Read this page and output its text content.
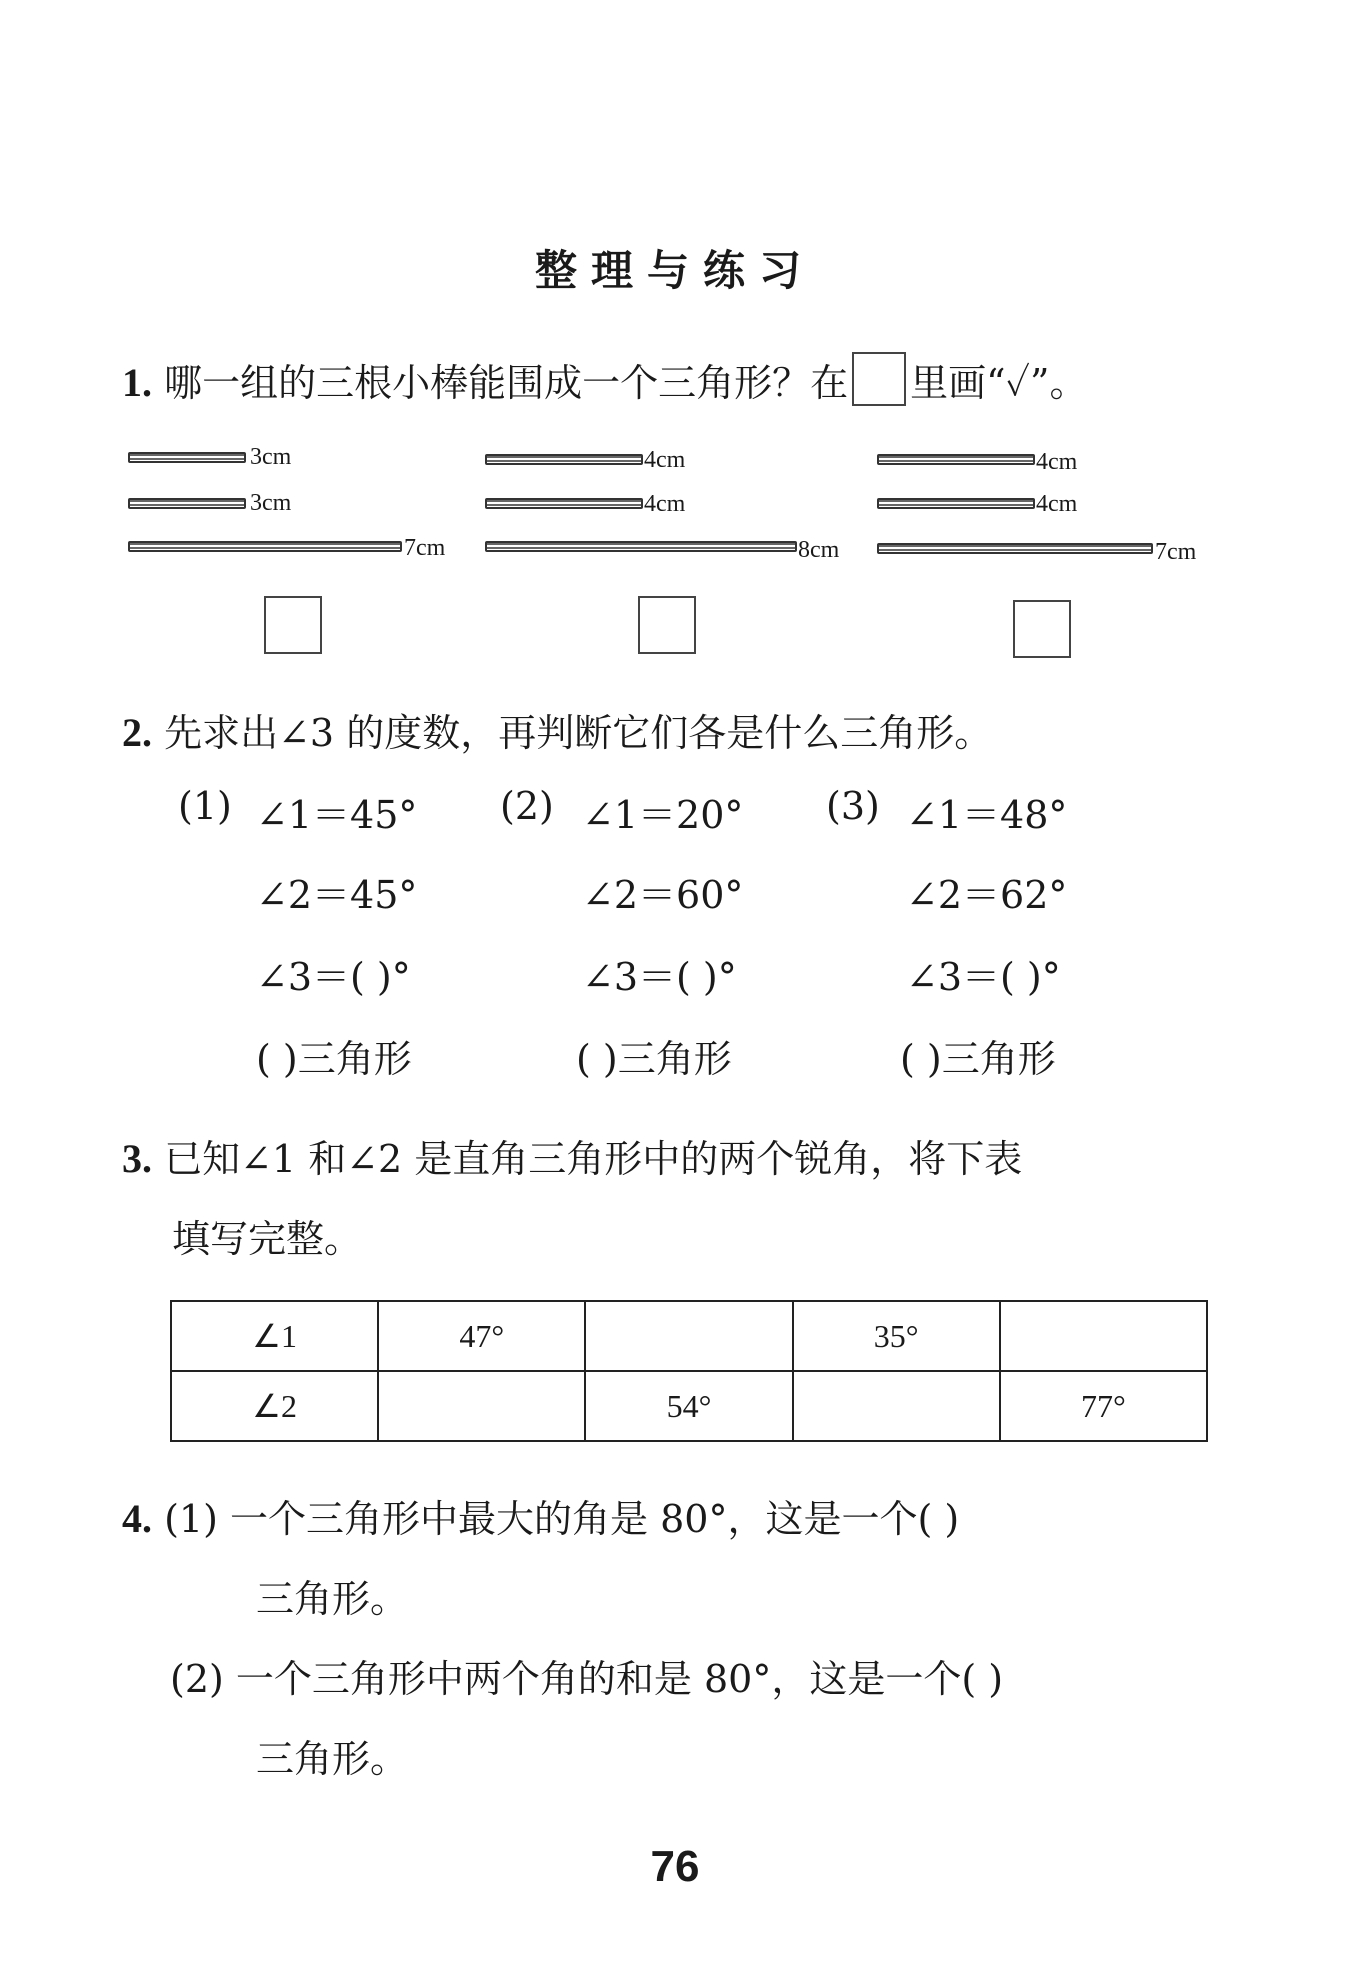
整理与练习
1. 哪一组的三根小棒能围成一个三角形？在 里画“✓”。
3cm
3cm
7cm
4cm
4cm
8cm
4cm
4cm
7cm
2. 先求出∠3 的度数，再判断它们各是什么三角形。
(1) ∠1＝45°
∠2＝45°
∠3＝( )°
( )三角形
(2) ∠1＝20°
∠2＝60°
∠3＝( )°
( )三角形
(3) ∠1＝48°
∠2＝62°
∠3＝( )°
( )三角形
3. 已知∠1 和∠2 是直角三角形中的两个锐角，将下表
填写完整。
∠1	47°		35°	
∠2		54°		77°
4. (1) 一个三角形中最大的角是 80°，这是一个( )
三角形。
(2) 一个三角形中两个角的和是 80°，这是一个( )
三角形。
76
